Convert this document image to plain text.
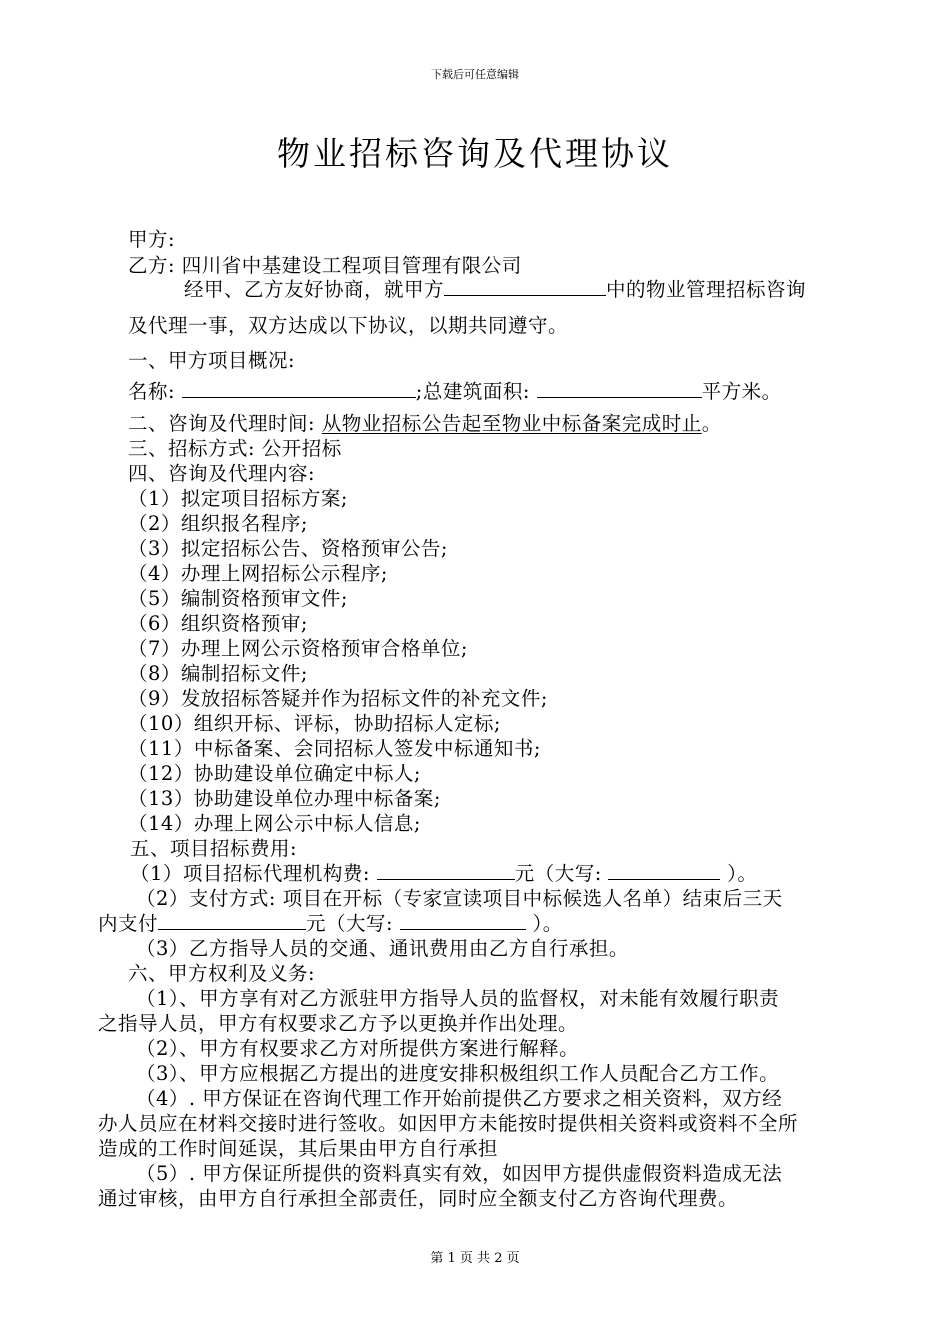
下载后可任意编辑
物业招标咨询及代理协议
甲方:
乙方: 四川省中基建设工程项目管理有限公司
经甲、乙方友好协商，就甲方	中的物业管理招标咨询
及代理一事，双方达成以下协议，以期共同遵守。
一、甲方项目概况:
名称:	;总建筑面积:	平方米。
二、咨询及代理时间: 从物业招标公告起至物业中标备案完成时止。
三、招标方式: 公开招标
四、咨询及代理内容:
（1）拟定项目招标方案;
（2）组织报名程序;
（3）拟定招标公告、资格预审公告;
（4）办理上网招标公示程序;
（5）编制资格预审文件;
（6）组织资格预审;
（7）办理上网公示资格预审合格单位;
（8）编制招标文件;
（9）发放招标答疑并作为招标文件的补充文件;
（10）组织开标、评标，协助招标人定标;
（11）中标备案、会同招标人签发中标通知书;
（12）协助建设单位确定中标人;
（13）协助建设单位办理中标备案;
（14）办理上网公示中标人信息;
五、项目招标费用:
（1）项目招标代理机构费:	元（大写:	）。
（2）支付方式: 项目在开标（专家宣读项目中标候选人名单）结束后三天
内支付	元（大写:	）。
（3）乙方指导人员的交通、通讯费用由乙方自行承担。
六、甲方权利及义务:
（1）、甲方享有对乙方派驻甲方指导人员的监督权，对未能有效履行职责
之指导人员，甲方有权要求乙方予以更换并作出处理。
（2）、甲方有权要求乙方对所提供方案进行解释。
（3）、甲方应根据乙方提出的进度安排积极组织工作人员配合乙方工作。
（4）. 甲方保证在咨询代理工作开始前提供乙方要求之相关资料，双方经
办人员应在材料交接时进行签收。如因甲方未能按时提供相关资料或资料不全所
造成的工作时间延误，其后果由甲方自行承担
（5）. 甲方保证所提供的资料真实有效，如因甲方提供虚假资料造成无法
通过审核，由甲方自行承担全部责任，同时应全额支付乙方咨询代理费。
第 1 页 共 2 页
